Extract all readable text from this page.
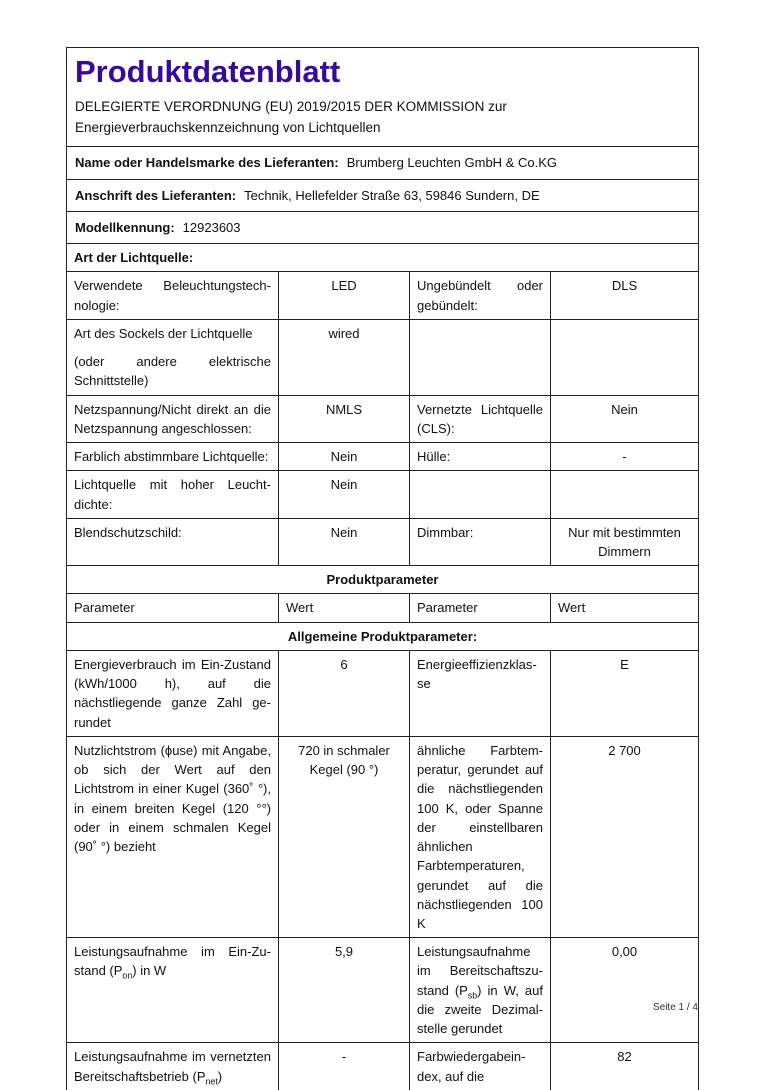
Produktdatenblatt
DELEGIERTE VERORDNUNG (EU) 2019/2015 DER KOMMISSION zur Energieverbrauchskennzeichnung von Lichtquellen			

Name oder Handelsmarke des Lieferanten: Brumberg Leuchten GmbH & Co.KG			
Anschrift des Lieferanten: Technik, Hellefelder Straße 63, 59846 Sundern, DE			
Modellkennung: 12923603			
Art der Lichtquelle:			
Verwendete Beleuchtungstechnologie:	LED	Ungebündelt oder gebündelt:	DLS

Art des Sockels der Lichtquelle
(oder andere elektrische Schnittstelle)	wired		
Netzspannung/Nicht direkt an die Netzspannung angeschlossen:	NMLS	Vernetzte Lichtquelle (CLS):	Nein
Farblich abstimmbare Lichtquelle:	Nein	Hülle:	-
Lichtquelle mit hoher Leuchtdichte:	Nein		
Blendschutzschild:	Nein	Dimmbar:	Nur mit bestimmten Dimmern
Produktparameter			
Parameter	Wert	Parameter	Wert
Allgemeine Produktparameter:			
Energieverbrauch im Ein-Zustand (kWh/1000 h), auf die nächstliegende ganze Zahl gerundet	6	Energieeffizienzklasse	E
Nutzlichtstrom (ϕuse) mit Angabe, ob sich der Wert auf den Lichtstrom in einer Kugel (360˚ °), in einem breiten Kegel (120 °°) oder in einem schmalen Kegel (90˚ °) bezieht	720 in schmaler Kegel (90 °)	ähnliche Farbtemperatur, gerundet auf die nächstliegenden 100 K, oder Spanne der einstellbaren ähnlichen Farbtemperaturen, gerundet auf die nächstliegenden 100 K	2 700
Leistungsaufnahme im Ein-Zustand $(P_{on})$ in W	5,9	Leistungsaufnahme im Bereitschaftszustand $(P_{sb})$ in W, auf die zweite Dezimalstelle gerundet	0,00

Leistungsaufnahme im vernetzten Bereitschaftsbetrieb $(P_{net})$	-	Farbwiedergabeindex, auf die	82
Seite 1 / 4
